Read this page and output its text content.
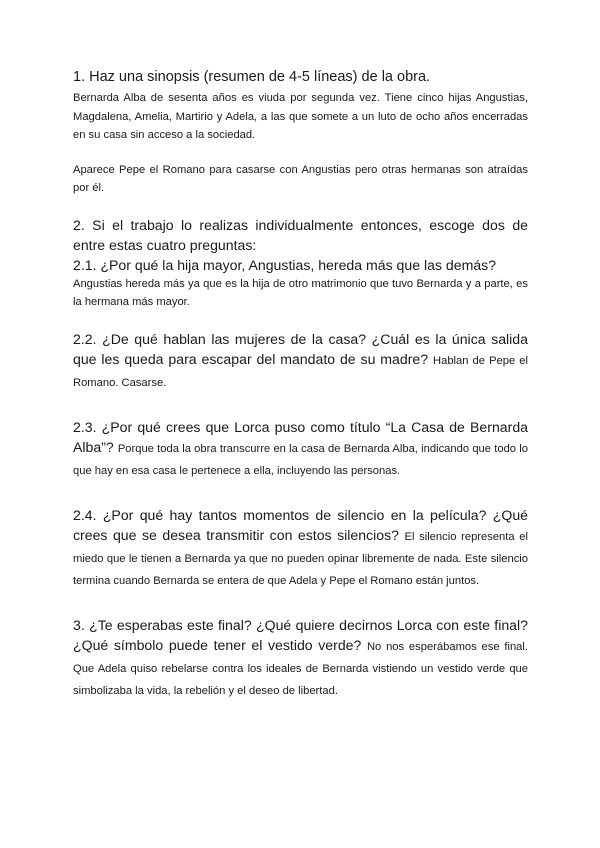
1. Haz una sinopsis (resumen de 4-5 líneas) de la obra.

Bernarda Alba de sesenta años es viuda por segunda vez. Tiene cinco hijas Angustias, Magdalena, Amelia, Martirio y Adela, a las que somete a un luto de ocho años encerradas en su casa sin acceso a la sociedad.

Aparece Pepe el Romano para casarse con Angustias pero otras hermanas son atraídas por él.

2. Si el trabajo lo realizas individualmente entonces, escoge dos de entre estas cuatro preguntas:

2.1. ¿Por qué la hija mayor, Angustias, hereda más que las demás?

Angustias hereda más ya que es la hija de otro matrimonio que tuvo Bernarda y a parte, es la hermana más mayor.

2.2. ¿De qué hablan las mujeres de la casa? ¿Cuál es la única salida que les queda para escapar del mandato de su madre? Hablan de Pepe el Romano. Casarse.

2.3. ¿Por qué crees que Lorca puso como título “La Casa de Bernarda Alba”? Porque toda la obra transcurre en la casa de Bernarda Alba, indicando que todo lo que hay en esa casa le pertenece a ella, incluyendo las personas.

2.4. ¿Por qué hay tantos momentos de silencio en la película? ¿Qué crees que se desea transmitir con estos silencios? El silencio representa el miedo que le tienen a Bernarda ya que no pueden opinar libremente de nada. Este silencio termina cuando Bernarda se entera de que Adela y Pepe el Romano están juntos.

3. ¿Te esperabas este final? ¿Qué quiere decirnos Lorca con este final? ¿Qué símbolo puede tener el vestido verde? No nos esperábamos ese final. Que Adela quiso rebelarse contra los ideales de Bernarda vistiendo un vestido verde que simbolizaba la vida, la rebelión y el deseo de libertad.
